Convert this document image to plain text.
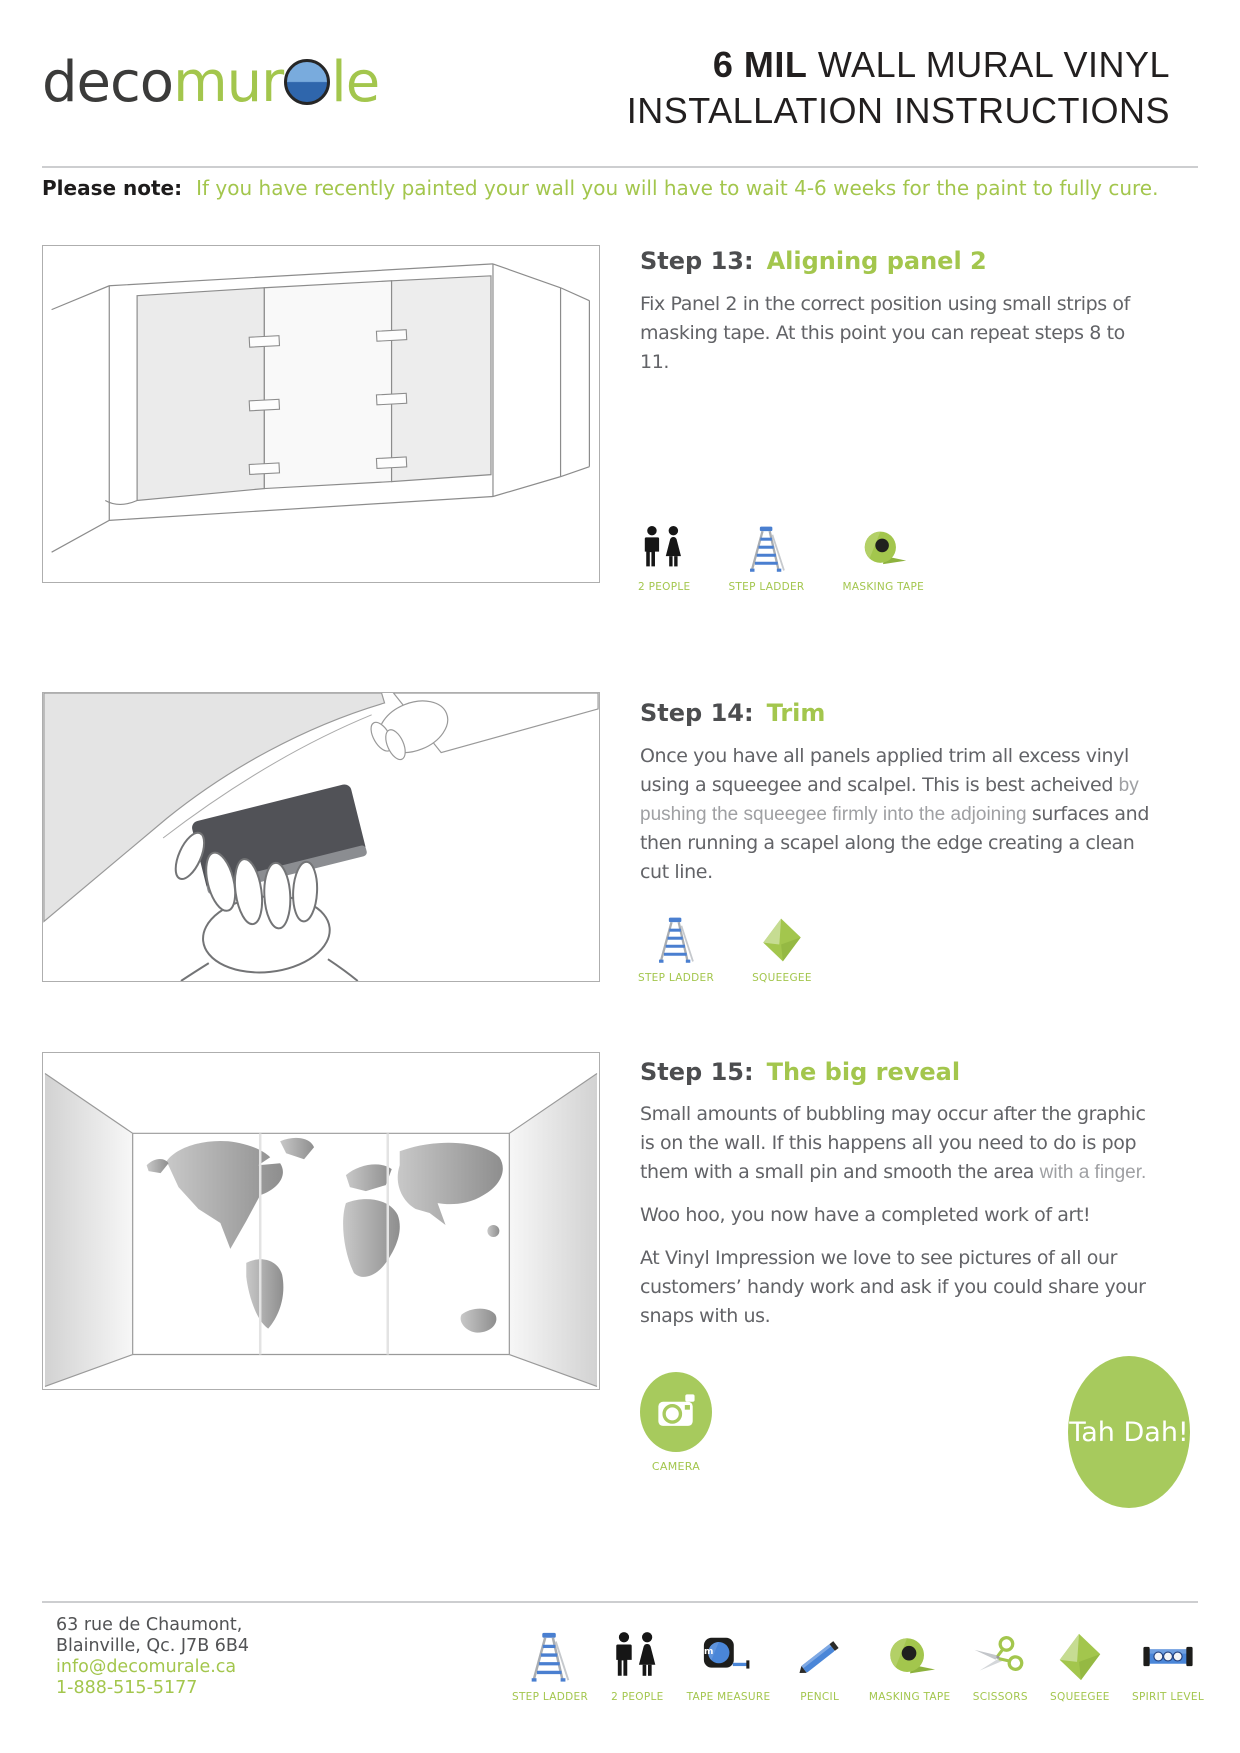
decomur le	6 MIL WALL MURAL VINYL
INSTALLATION INSTRUCTIONS
Please note: If you have recently painted your wall you will have to wait 4-6 weeks for the paint to fully cure.
Step 13: Aligning panel 2

Fix Panel 2 in the correct position using small strips of masking tape. At this point you can repeat steps 8 to 11.

2 PEOPLE	STEP LADDER	MASKING TAPE
Step 14: Trim

Once you have all panels applied trim all excess vinyl using a squeegee and scalpel. This is best acheived by pushing the squeegee firmly into the adjoining surfaces and then running a scapel along the edge creating a clean cut line.

STEP LADDER	SQUEEGEE
Step 15: The big reveal

Small amounts of bubbling may occur after the graphic is on the wall. If this happens all you need to do is pop them with a small pin and smooth the area with a finger.

Woo hoo, you now have a completed work of art!

At Vinyl Impression we love to see pictures of all our customers’ handy work and ask if you could share your snaps with us.

CAMERA
Tah Dah!
63 rue de Chaumont,
Blainville, Qc. J7B 6B4
info@decomurale.ca
1-888-515-5177	STEP LADDER 2 PEOPLE
5m
TAPE MEASURE	PENCIL	MASKING TAPE SCISSORS SQUEEGEE SPIRIT LEVEL
